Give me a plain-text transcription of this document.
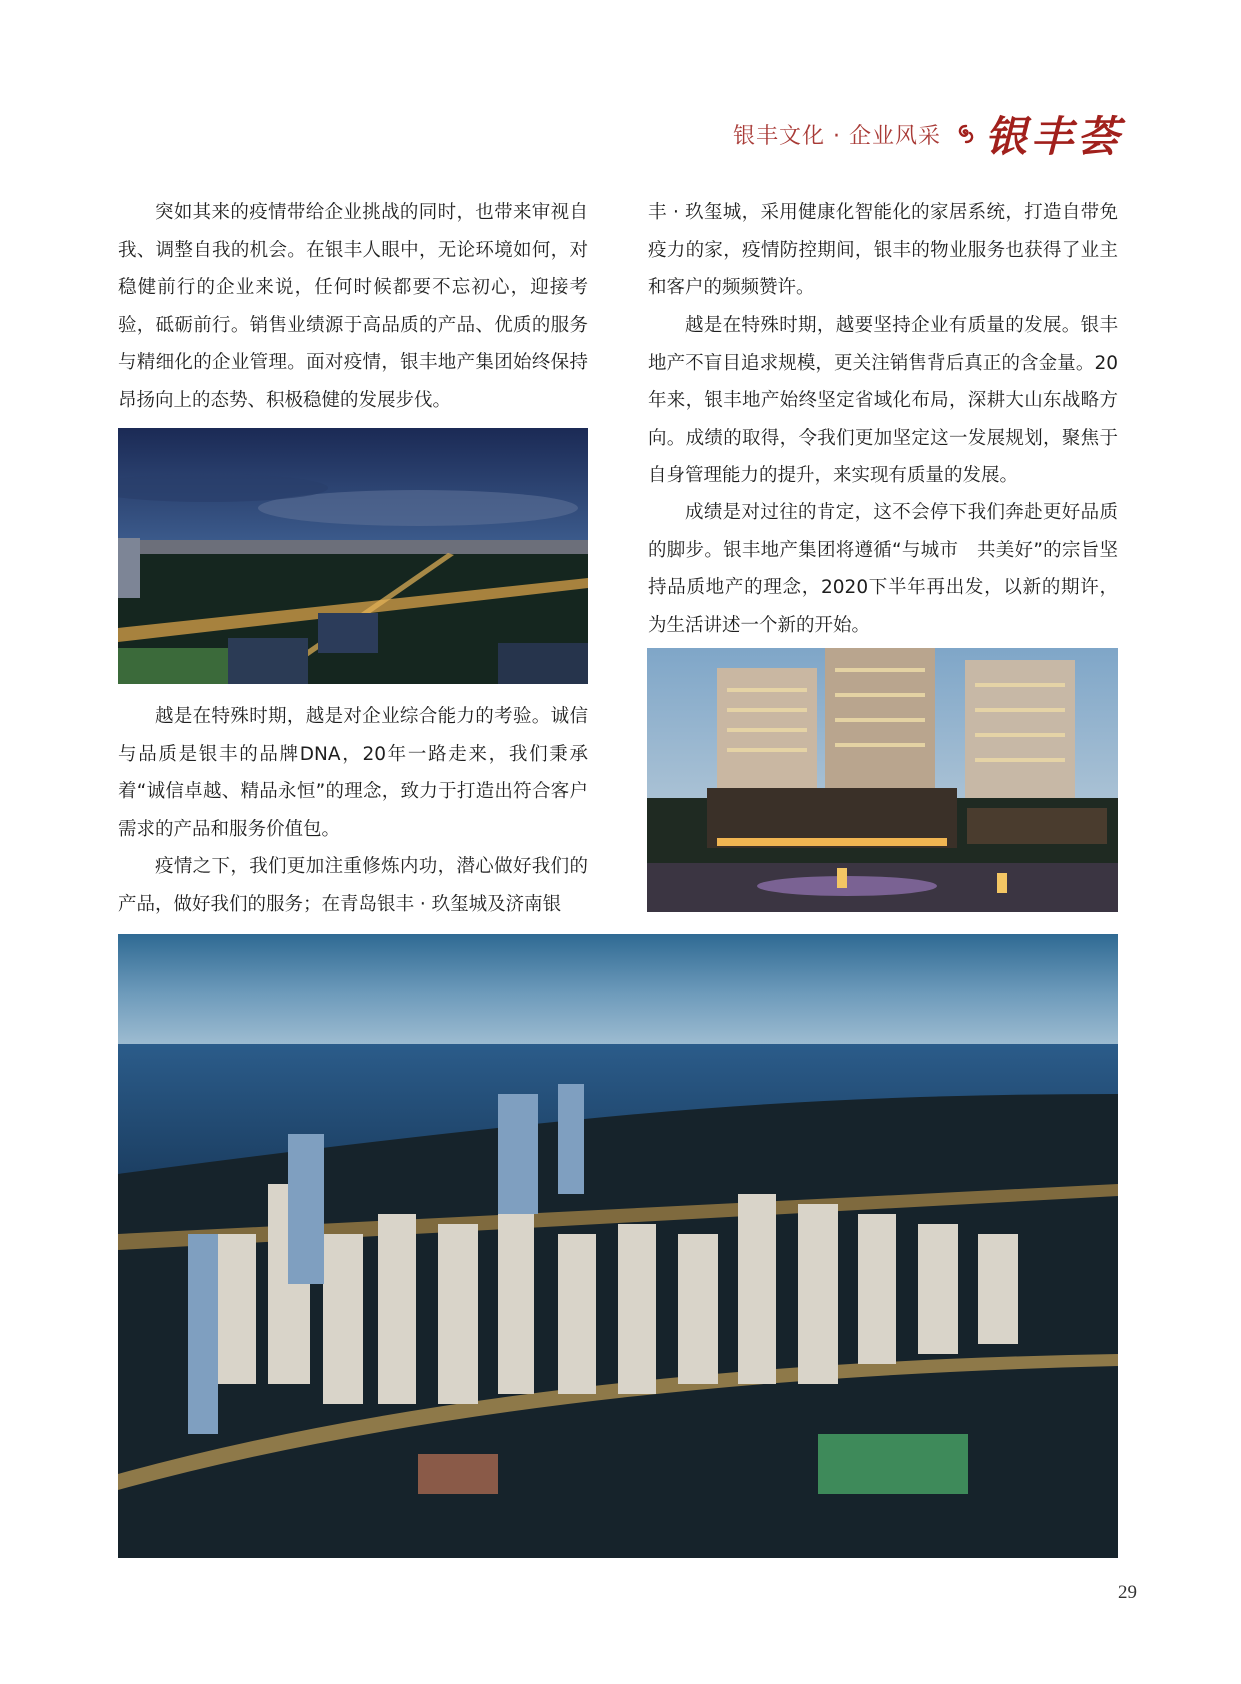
银丰文化 · 企业风采 银丰荟

突如其来的疫情带给企业挑战的同时，也带来审视自我、调整自我的机会。在银丰人眼中，无论环境如何，对稳健前行的企业来说，任何时候都要不忘初心，迎接考验，砥砺前行。销售业绩源于高品质的产品、优质的服务与精细化的企业管理。面对疫情，银丰地产集团始终保持昂扬向上的态势、积极稳健的发展步伐。

越是在特殊时期，越是对企业综合能力的考验。诚信与品质是银丰的品牌DNA，20年一路走来，我们秉承着“诚信卓越、精品永恒”的理念，致力于打造出符合客户需求的产品和服务价值包。

疫情之下，我们更加注重修炼内功，潜心做好我们的产品，做好我们的服务；在青岛银丰 · 玖玺城及济南银

丰 · 玖玺城，采用健康化智能化的家居系统，打造自带免疫力的家，疫情防控期间，银丰的物业服务也获得了业主和客户的频频赞许。

越是在特殊时期，越要坚持企业有质量的发展。银丰地产不盲目追求规模，更关注销售背后真正的含金量。20年来，银丰地产始终坚定省域化布局，深耕大山东战略方向。成绩的取得，令我们更加坚定这一发展规划，聚焦于自身管理能力的提升，来实现有质量的发展。

成绩是对过往的肯定，这不会停下我们奔赴更好品质的脚步。银丰地产集团将遵循“与城市　共美好”的宗旨坚持品质地产的理念，2020下半年再出发，以新的期许，为生活讲述一个新的开始。

29
